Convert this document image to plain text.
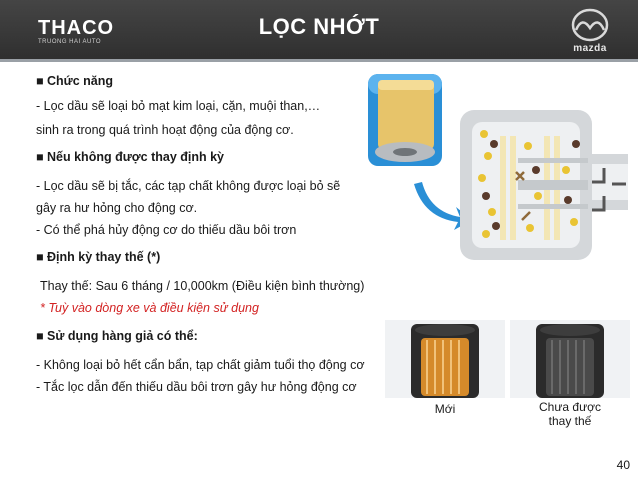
THACO
TRUONG HAI AUTO
LỌC NHỚT
mazda
■ Chức năng
- Lọc dầu sẽ loại bỏ mạt kim loại, cặn, muội than,…
sinh ra trong quá trình hoạt động của động cơ.
■ Nếu không được thay định kỳ
- Lọc dầu sẽ bị tắc, các tạp chất không được loại bỏ sẽ
gây ra hư hỏng cho động cơ.
- Có thể phá hủy động cơ do thiếu dầu bôi trơn
■ Định kỳ thay thế (*)
Thay thế: Sau 6 tháng / 10,000km (Điều kiện bình thường)
* Tuỳ vào dòng xe và điều kiện sử dụng
■ Sử dụng hàng giả có thể:
- Không loại bỏ hết cẩn bẩn, tạp chất giảm tuổi thọ động cơ
- Tắc lọc dẫn đến thiếu dầu bôi trơn gây hư hỏng động cơ
Mới	Chưa được
thay thế
40
